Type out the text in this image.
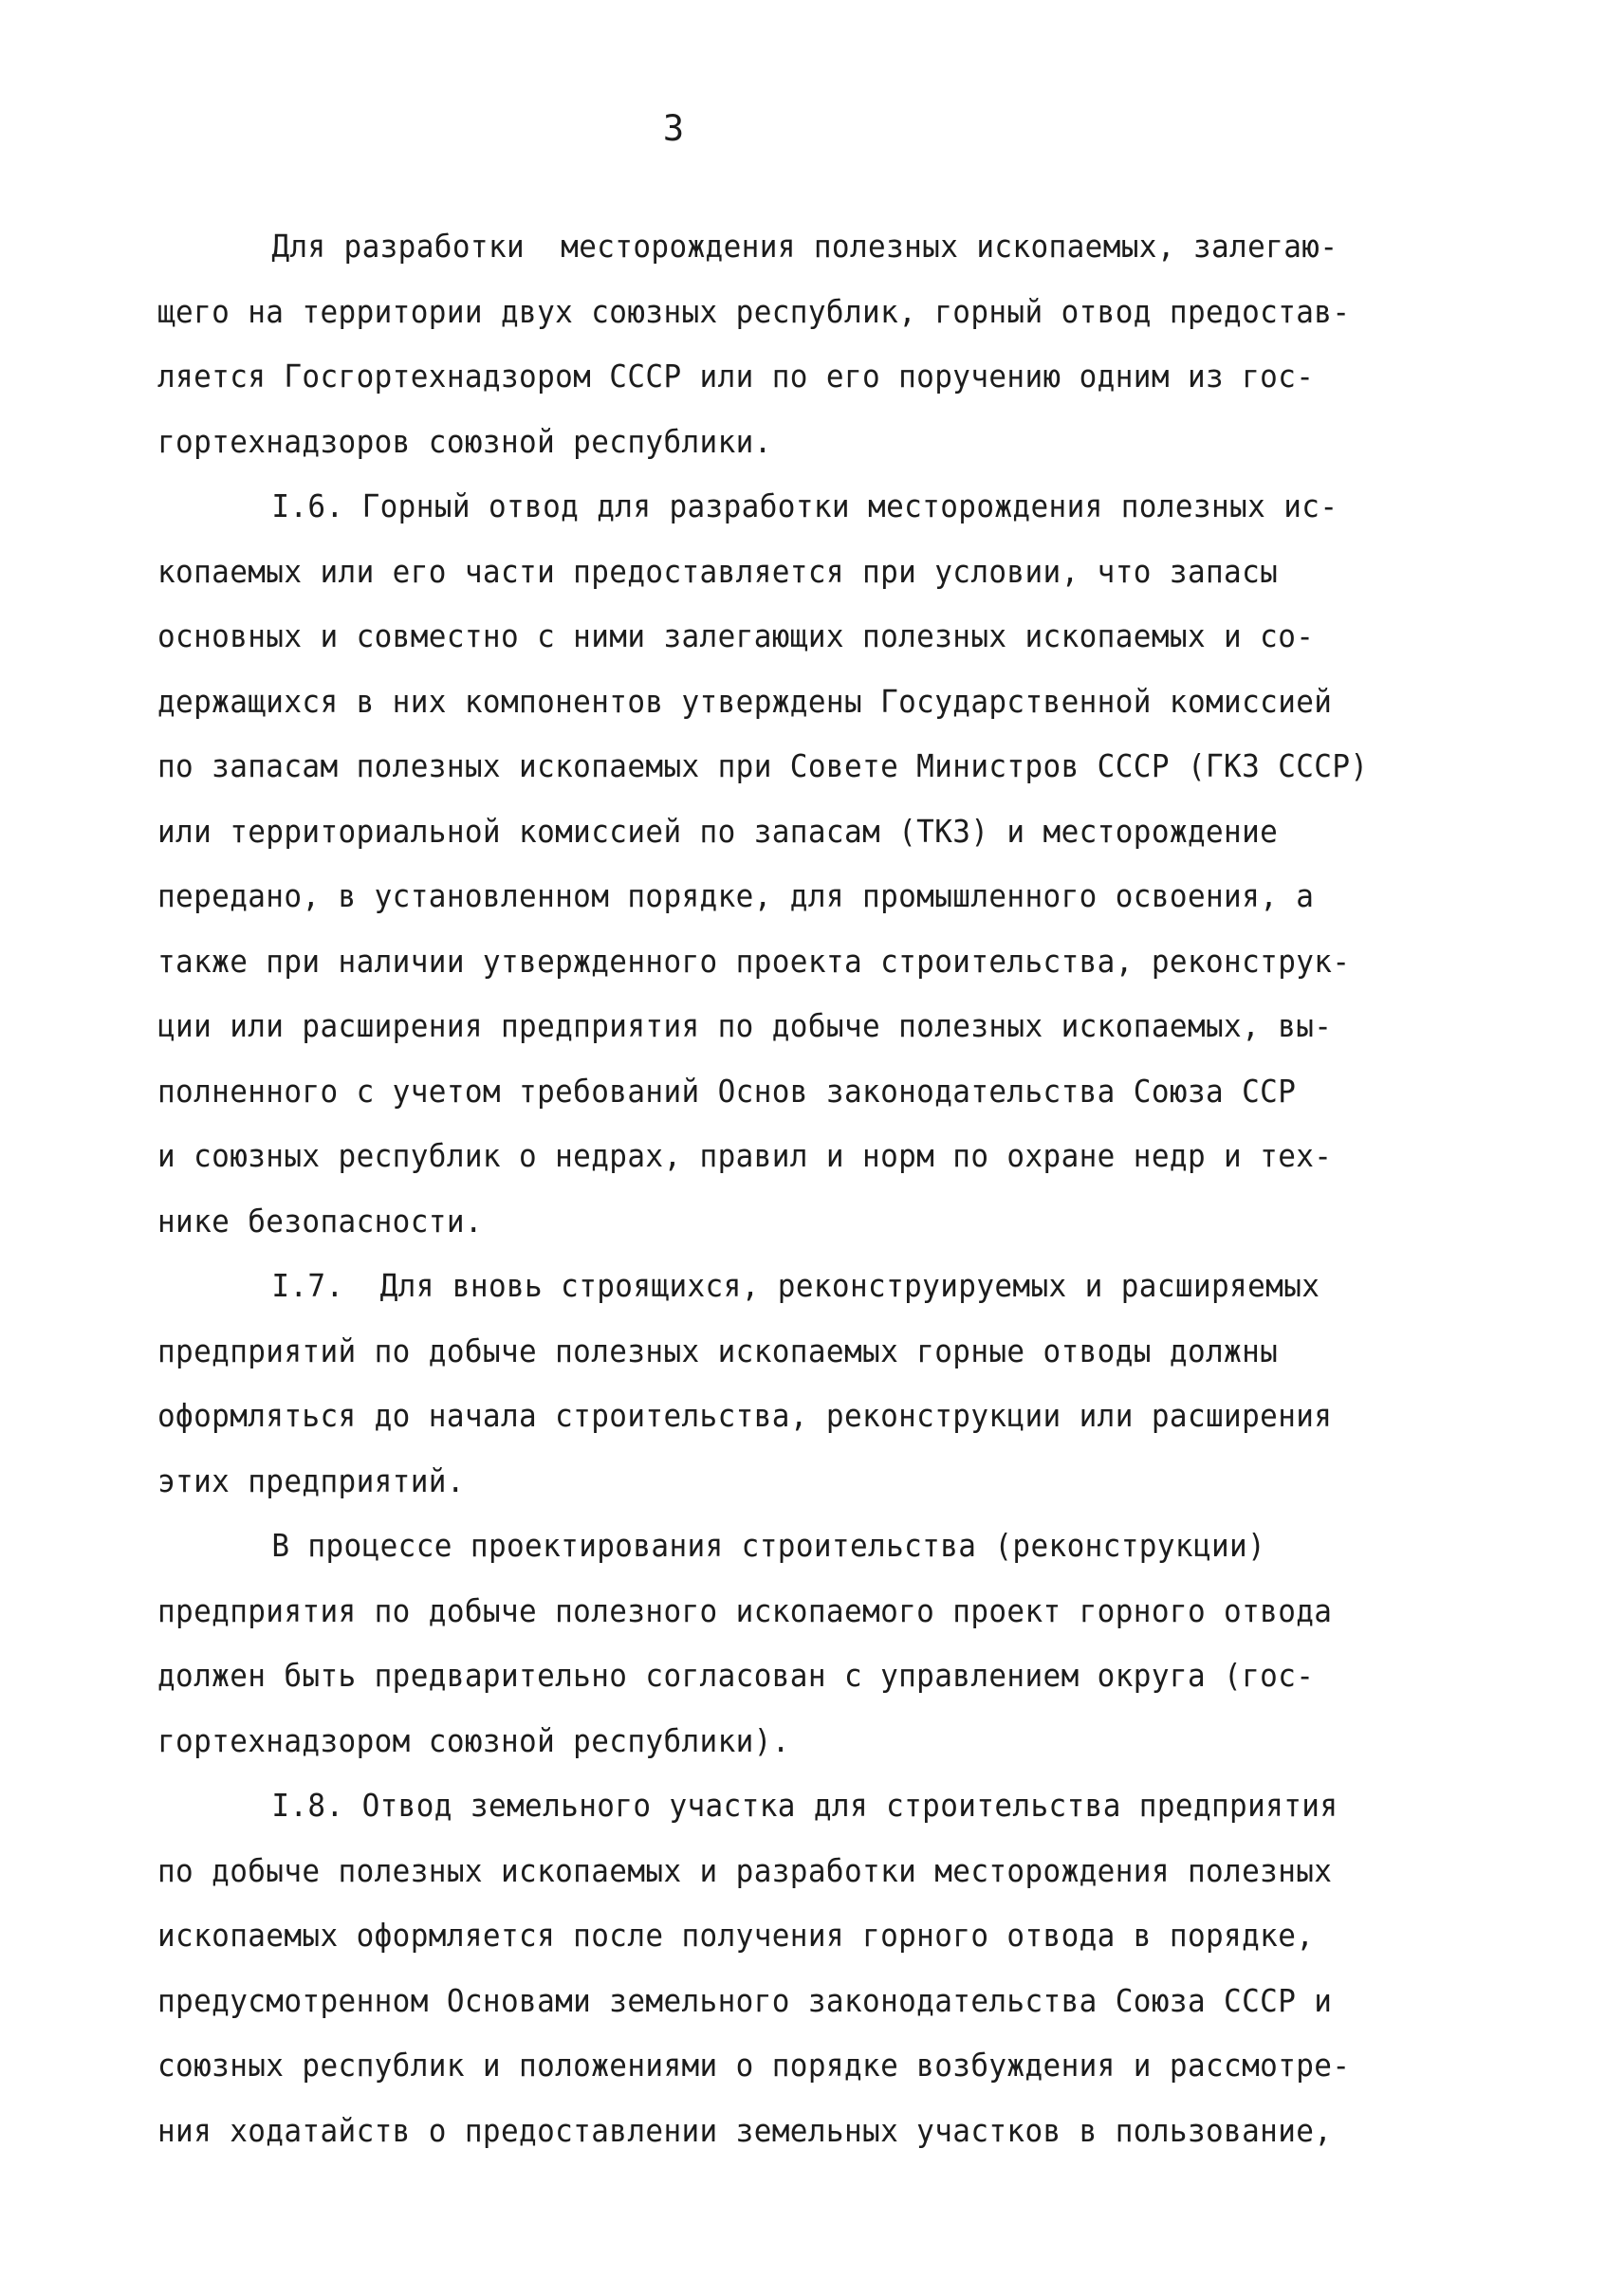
3
Для разработки  месторождения полезных ископаемых, залегаю-
щего на территории двух союзных республик, горный отвод предостав-
ляется Госгортехнадзором СССР или по его поручению одним из гос-
гортехнадзоров союзной республики.
I.6. Горный отвод для разработки месторождения полезных ис-
копаемых или его части предоставляется при условии, что запасы
основных и совместно с ними залегающих полезных ископаемых и со-
держащихся в них компонентов утверждены Государственной комиссией
по запасам полезных ископаемых при Совете Министров СССР (ГКЗ СССР)
или территориальной комиссией по запасам (ТКЗ) и месторождение
передано, в установленном порядке, для промышленного освоения, а
также при наличии утвержденного проекта строительства, реконструк-
ции или расширения предприятия по добыче полезных ископаемых, вы-
полненного с учетом требований Основ законодательства Союза ССР
и союзных республик о недрах, правил и норм по охране недр и тех-
нике безопасности.
I.7.  Для вновь строящихся, реконструируемых и расширяемых
предприятий по добыче полезных ископаемых горные отводы должны
оформляться до начала строительства, реконструкции или расширения
этих предприятий.
В процессе проектирования строительства (реконструкции)
предприятия по добыче полезного ископаемого проект горного отвода
должен быть предварительно согласован с управлением округа (гос-
гортехнадзором союзной республики).
I.8. Отвод земельного участка для строительства предприятия
по добыче полезных ископаемых и разработки месторождения полезных
ископаемых оформляется после получения горного отвода в порядке,
предусмотренном Основами земельного законодательства Союза СССР и
союзных республик и положениями о порядке возбуждения и рассмотре-
ния ходатайств о предоставлении земельных участков в пользование,
